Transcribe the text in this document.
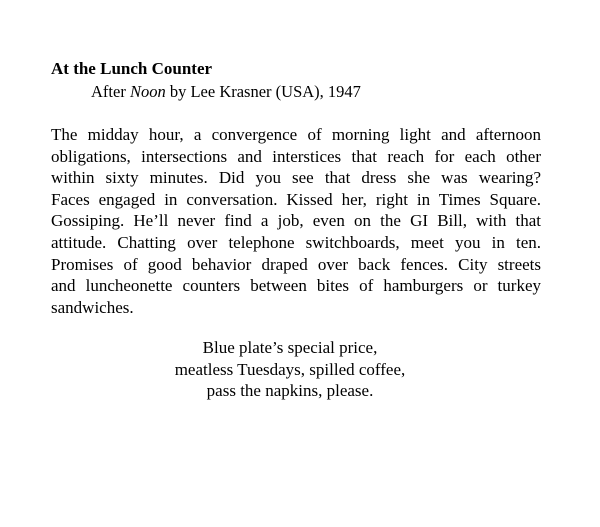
At the Lunch Counter

After Noon by Lee Krasner (USA), 1947

The midday hour, a convergence of morning light and afternoon
obligations, intersections and interstices that reach for each other
within sixty minutes. Did you see that dress she was wearing?
Faces engaged in conversation. Kissed her, right in Times Square.
Gossiping. He’ll never find a job, even on the GI Bill, with that
attitude. Chatting over telephone switchboards, meet you in ten.
Promises of good behavior draped over back fences. City streets
and luncheonette counters between bites of hamburgers or turkey
sandwiches.
Blue plate’s special price,
meatless Tuesdays, spilled coffee,
pass the napkins, please.
